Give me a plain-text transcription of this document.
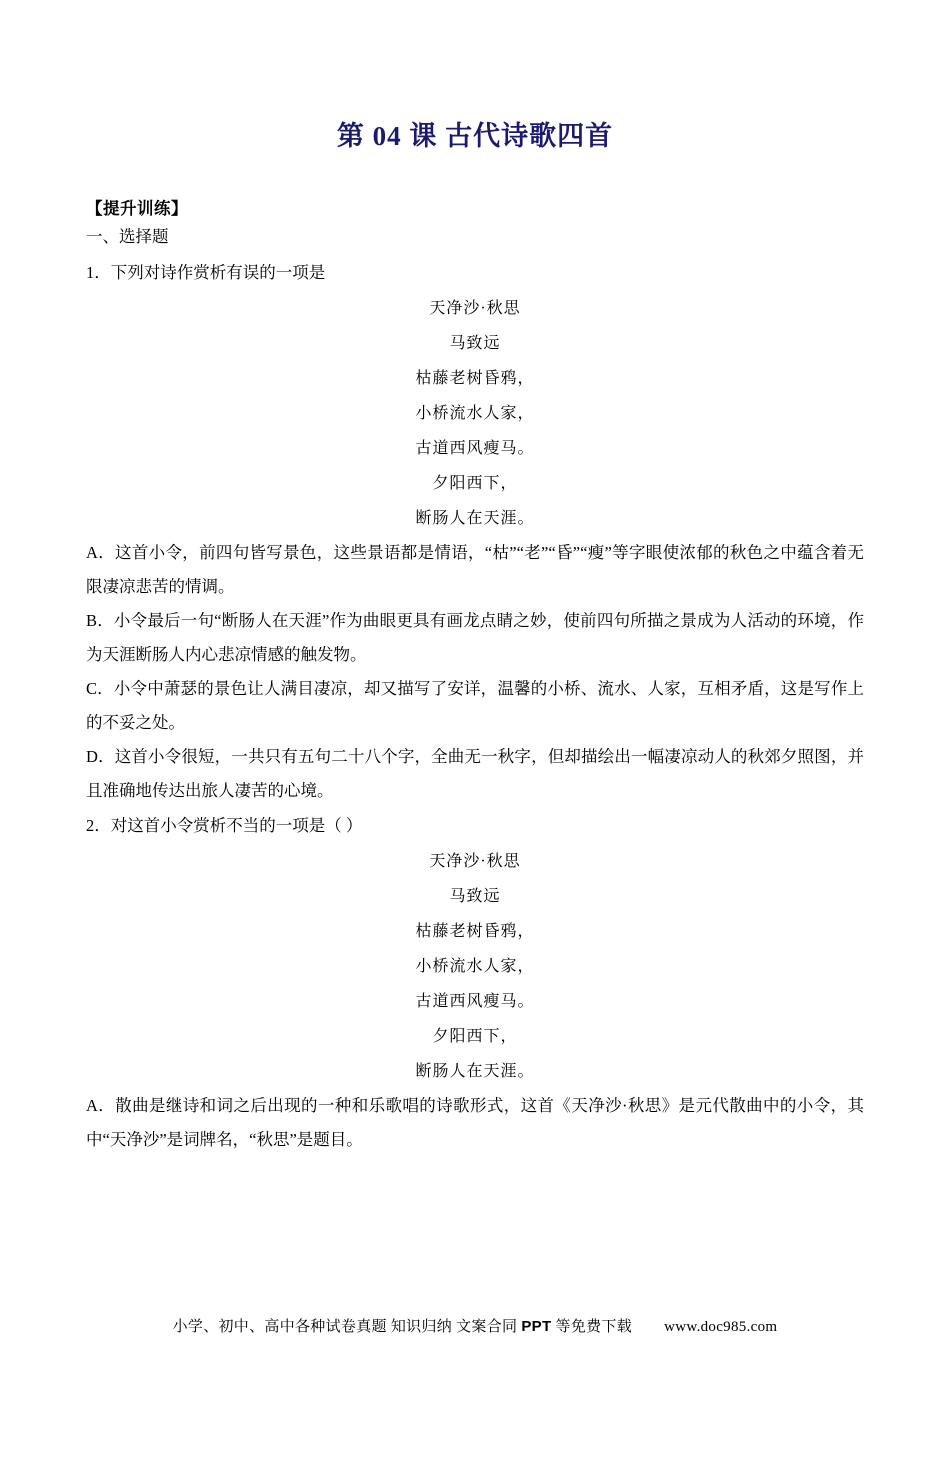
第 04 课 古代诗歌四首
【提升训练】
一、选择题
1．下列对诗作赏析有误的一项是
天净沙·秋思
马致远
枯藤老树昏鸦，
小桥流水人家，
古道西风瘦马。
夕阳西下，
断肠人在天涯。
A．这首小令，前四句皆写景色，这些景语都是情语，“枯”“老”“昏”“瘦”等字眼使浓郁的秋色之中蕴含着无限凄凉悲苦的情调。
B．小令最后一句“断肠人在天涯”作为曲眼更具有画龙点睛之妙，使前四句所描之景成为人活动的环境，作为天涯断肠人内心悲凉情感的触发物。
C．小令中萧瑟的景色让人满目凄凉，却又描写了安详，温馨的小桥、流水、人家，互相矛盾，这是写作上的不妥之处。
D．这首小令很短，一共只有五句二十八个字，全曲无一秋字，但却描绘出一幅凄凉动人的秋郊夕照图，并且准确地传达出旅人凄苦的心境。
2．对这首小令赏析不当的一项是（ ）
天净沙·秋思
马致远
枯藤老树昏鸦，
小桥流水人家，
古道西风瘦马。
夕阳西下，
断肠人在天涯。
A．散曲是继诗和词之后出现的一种和乐歌唱的诗歌形式，这首《天净沙·秋思》是元代散曲中的小令，其中“天净沙”是词牌名，“秋思”是题目。
小学、初中、高中各种试卷真题 知识归纳 文案合同 PPT 等免费下载 www.doc985.com
